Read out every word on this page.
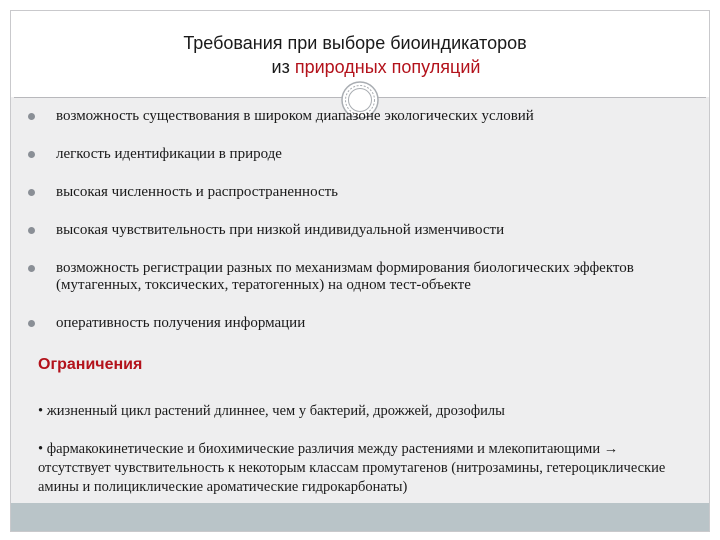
Требования при выборе биоиндикаторов
из природных популяций
возможность существования в широком диапазоне экологических условий
легкость идентификации в природе
высокая численность и распространенность
высокая чувствительность при низкой индивидуальной изменчивости
возможность регистрации разных по механизмам формирования биологических эффектов (мутагенных, токсических, тератогенных) на одном тест-объекте
оперативность получения информации
Ограничения
• жизненный цикл растений длиннее, чем у бактерий, дрожжей, дрозофилы
• фармакокинетические и биохимические различия между растениями и млекопитающими → отсутствует чувствительность к некоторым классам промутагенов (нитрозамины, гетероциклические амины и полициклические ароматические гидрокарбонаты)
